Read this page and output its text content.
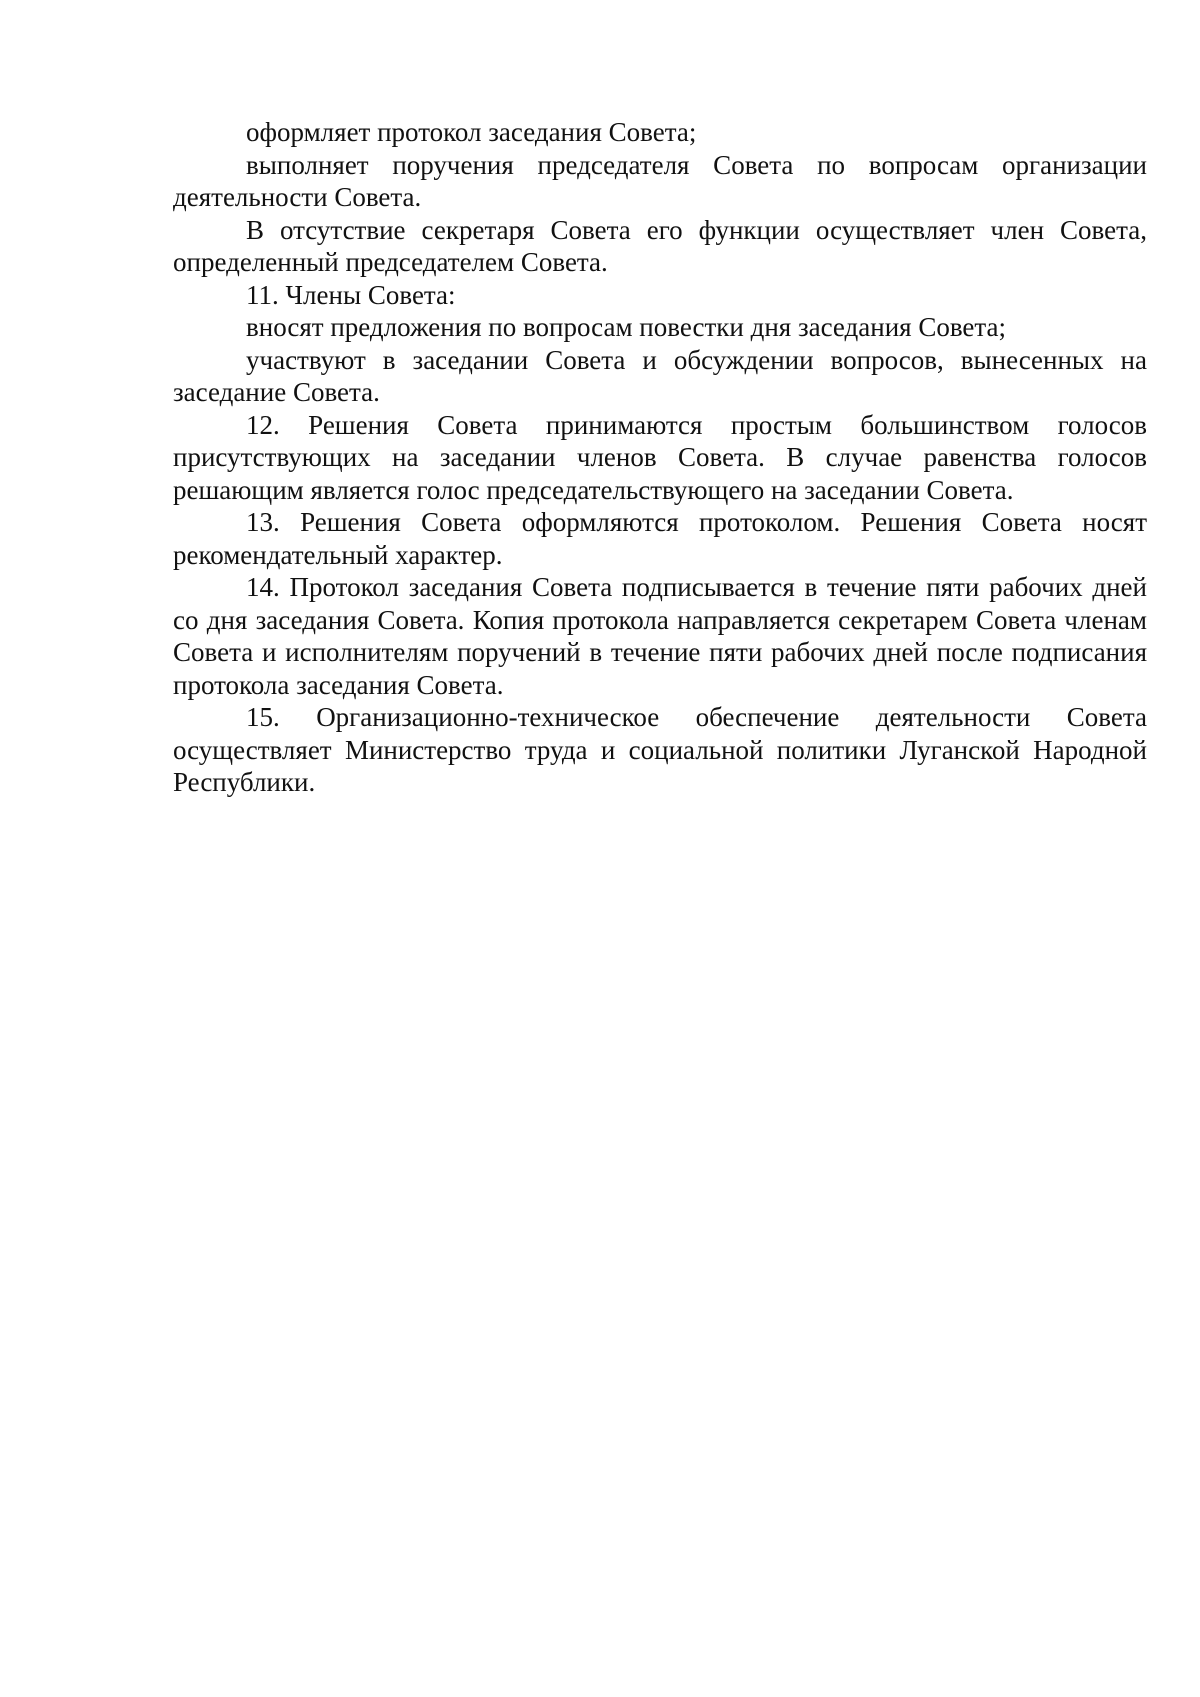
оформляет протокол заседания Совета;

выполняет поручения председателя Совета по вопросам организации деятельности Совета.

В отсутствие секретаря Совета его функции осуществляет член Совета, определенный председателем Совета.

11. Члены Совета:

вносят предложения по вопросам повестки дня заседания Совета;

участвуют в заседании Совета и обсуждении вопросов, вынесенных на заседание Совета.

12. Решения Совета принимаются простым большинством голосов присутствующих на заседании членов Совета. В случае равенства голосов решающим является голос председательствующего на заседании Совета.

13. Решения Совета оформляются протоколом. Решения Совета носят рекомендательный характер.

14. Протокол заседания Совета подписывается в течение пяти рабочих дней со дня заседания Совета. Копия протокола направляется секретарем Совета членам Совета и исполнителям поручений в течение пяти рабочих дней после подписания протокола заседания Совета.

15. Организационно-техническое обеспечение деятельности Совета осуществляет Министерство труда и социальной политики Луганской Народной Республики.
